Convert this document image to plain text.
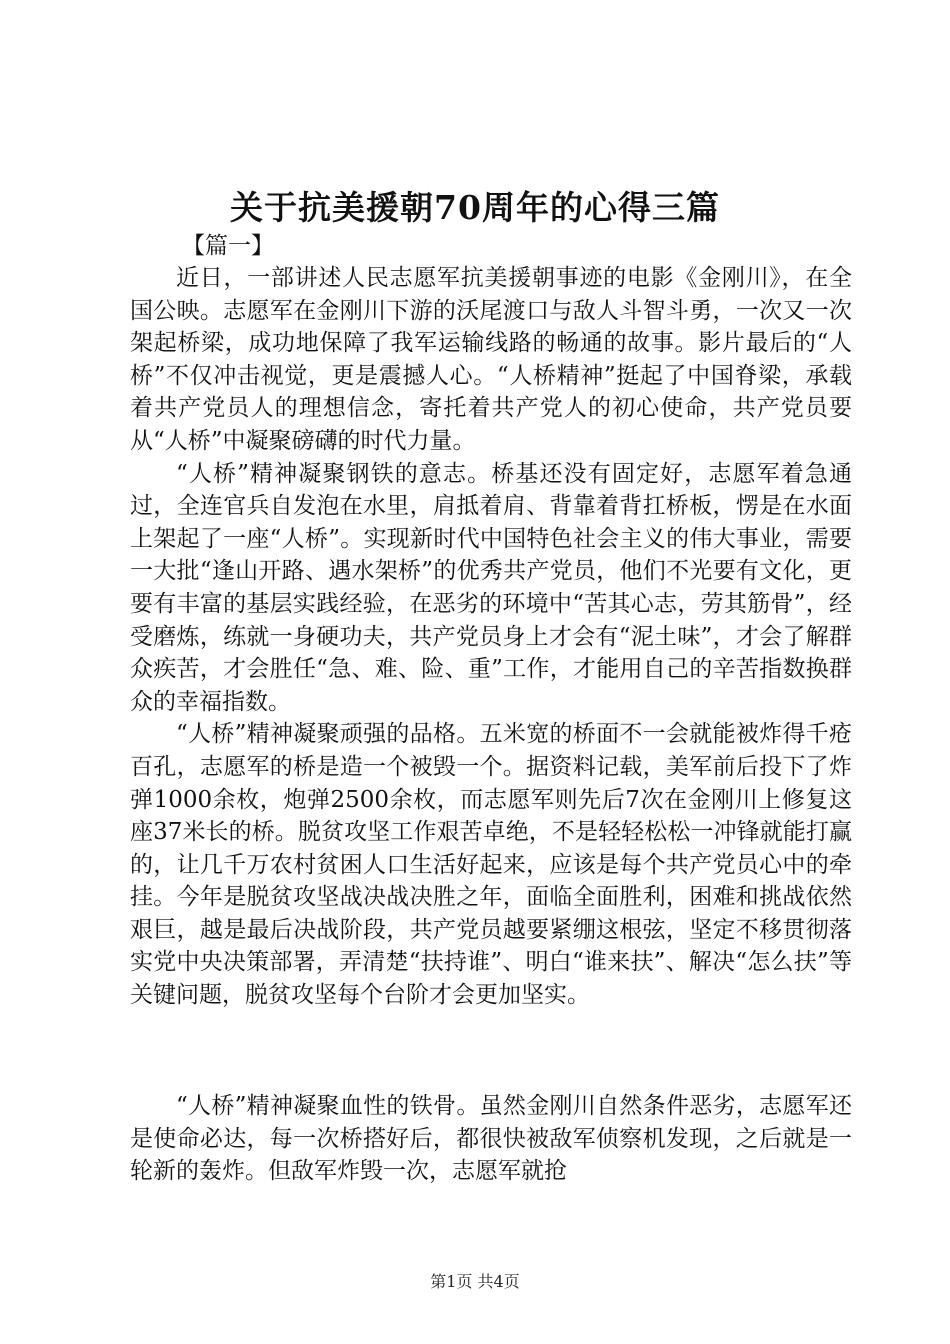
关于抗美援朝70周年的心得三篇
【篇一】

近日，一部讲述人民志愿军抗美援朝事迹的电影《金刚川》，在全国公映。志愿军在金刚川下游的沃尾渡口与敌人斗智斗勇，一次又一次架起桥梁，成功地保障了我军运输线路的畅通的故事。影片最后的“人桥”不仅冲击视觉，更是震撼人心。“人桥精神”挺起了中国脊梁，承载着共产党员人的理想信念，寄托着共产党人的初心使命，共产党员要从“人桥”中凝聚磅礴的时代力量。

“人桥”精神凝聚钢铁的意志。桥基还没有固定好，志愿军着急通过，全连官兵自发泡在水里，肩抵着肩、背靠着背扛桥板，愣是在水面上架起了一座“人桥”。实现新时代中国特色社会主义的伟大事业，需要一大批“逢山开路、遇水架桥”的优秀共产党员，他们不光要有文化，更要有丰富的基层实践经验，在恶劣的环境中“苦其心志，劳其筋骨”，经受磨炼，练就一身硬功夫，共产党员身上才会有“泥土味”，才会了解群众疾苦，才会胜任“急、难、险、重”工作，才能用自己的辛苦指数换群众的幸福指数。

“人桥”精神凝聚顽强的品格。五米宽的桥面不一会就能被炸得千疮百孔，志愿军的桥是造一个被毁一个。据资料记载，美军前后投下了炸弹1000余枚，炮弹2500余枚，而志愿军则先后7次在金刚川上修复这座37米长的桥。脱贫攻坚工作艰苦卓绝，不是轻轻松松一冲锋就能打赢的，让几千万农村贫困人口生活好起来，应该是每个共产党员心中的牵挂。今年是脱贫攻坚战决战决胜之年，面临全面胜利，困难和挑战依然艰巨，越是最后决战阶段，共产党员越要紧绷这根弦，坚定不移贯彻落实党中央决策部署，弄清楚“扶持谁”、明白“谁来扶”、解决“怎么扶”等关键问题，脱贫攻坚每个台阶才会更加坚实。

“人桥”精神凝聚血性的铁骨。虽然金刚川自然条件恶劣，志愿军还是使命必达，每一次桥搭好后，都很快被敌军侦察机发现，之后就是一轮新的轰炸。但敌军炸毁一次，志愿军就抢

第1页 共4页
